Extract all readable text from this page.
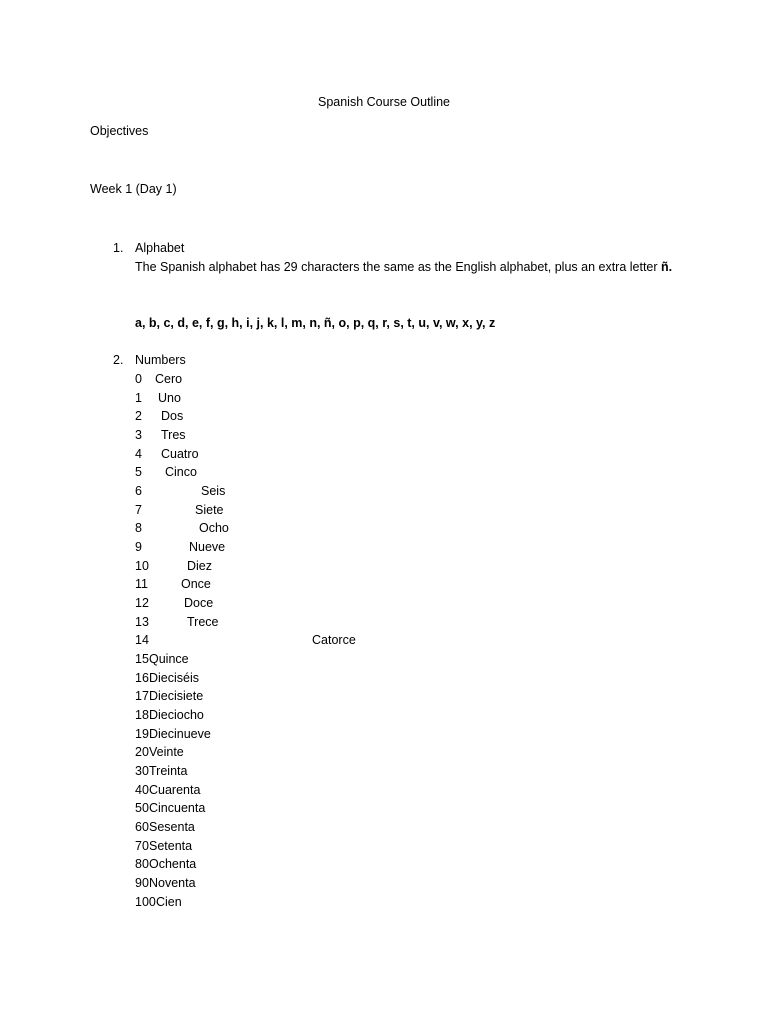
Spanish Course Outline
Objectives
Week 1 (Day 1)
1. Alphabet
The Spanish alphabet has 29 characters the same as the English alphabet, plus an extra letter ñ.
a, b, c, d, e, f, g, h, i, j, k, l, m, n, ñ, o, p, q, r, s, t, u, v, w, x, y, z
2. Numbers
0 Cero
1 Uno
2 Dos
3 Tres
4 Cuatro
5 Cinco
6	Seis
7	Siete
8	Ocho
9	Nueve
10	Diez
11	Once
12	Doce
13	Trece
14	Catorce
15 Quince
16 Dieciséis
17 Diecisiete
18 Dieciocho
19 Diecinueve
20 Veinte
30 Treinta
40 Cuarenta
50 Cincuenta
60 Sesenta
70 Setenta
80 Ochenta
90 Noventa
100 Cien
